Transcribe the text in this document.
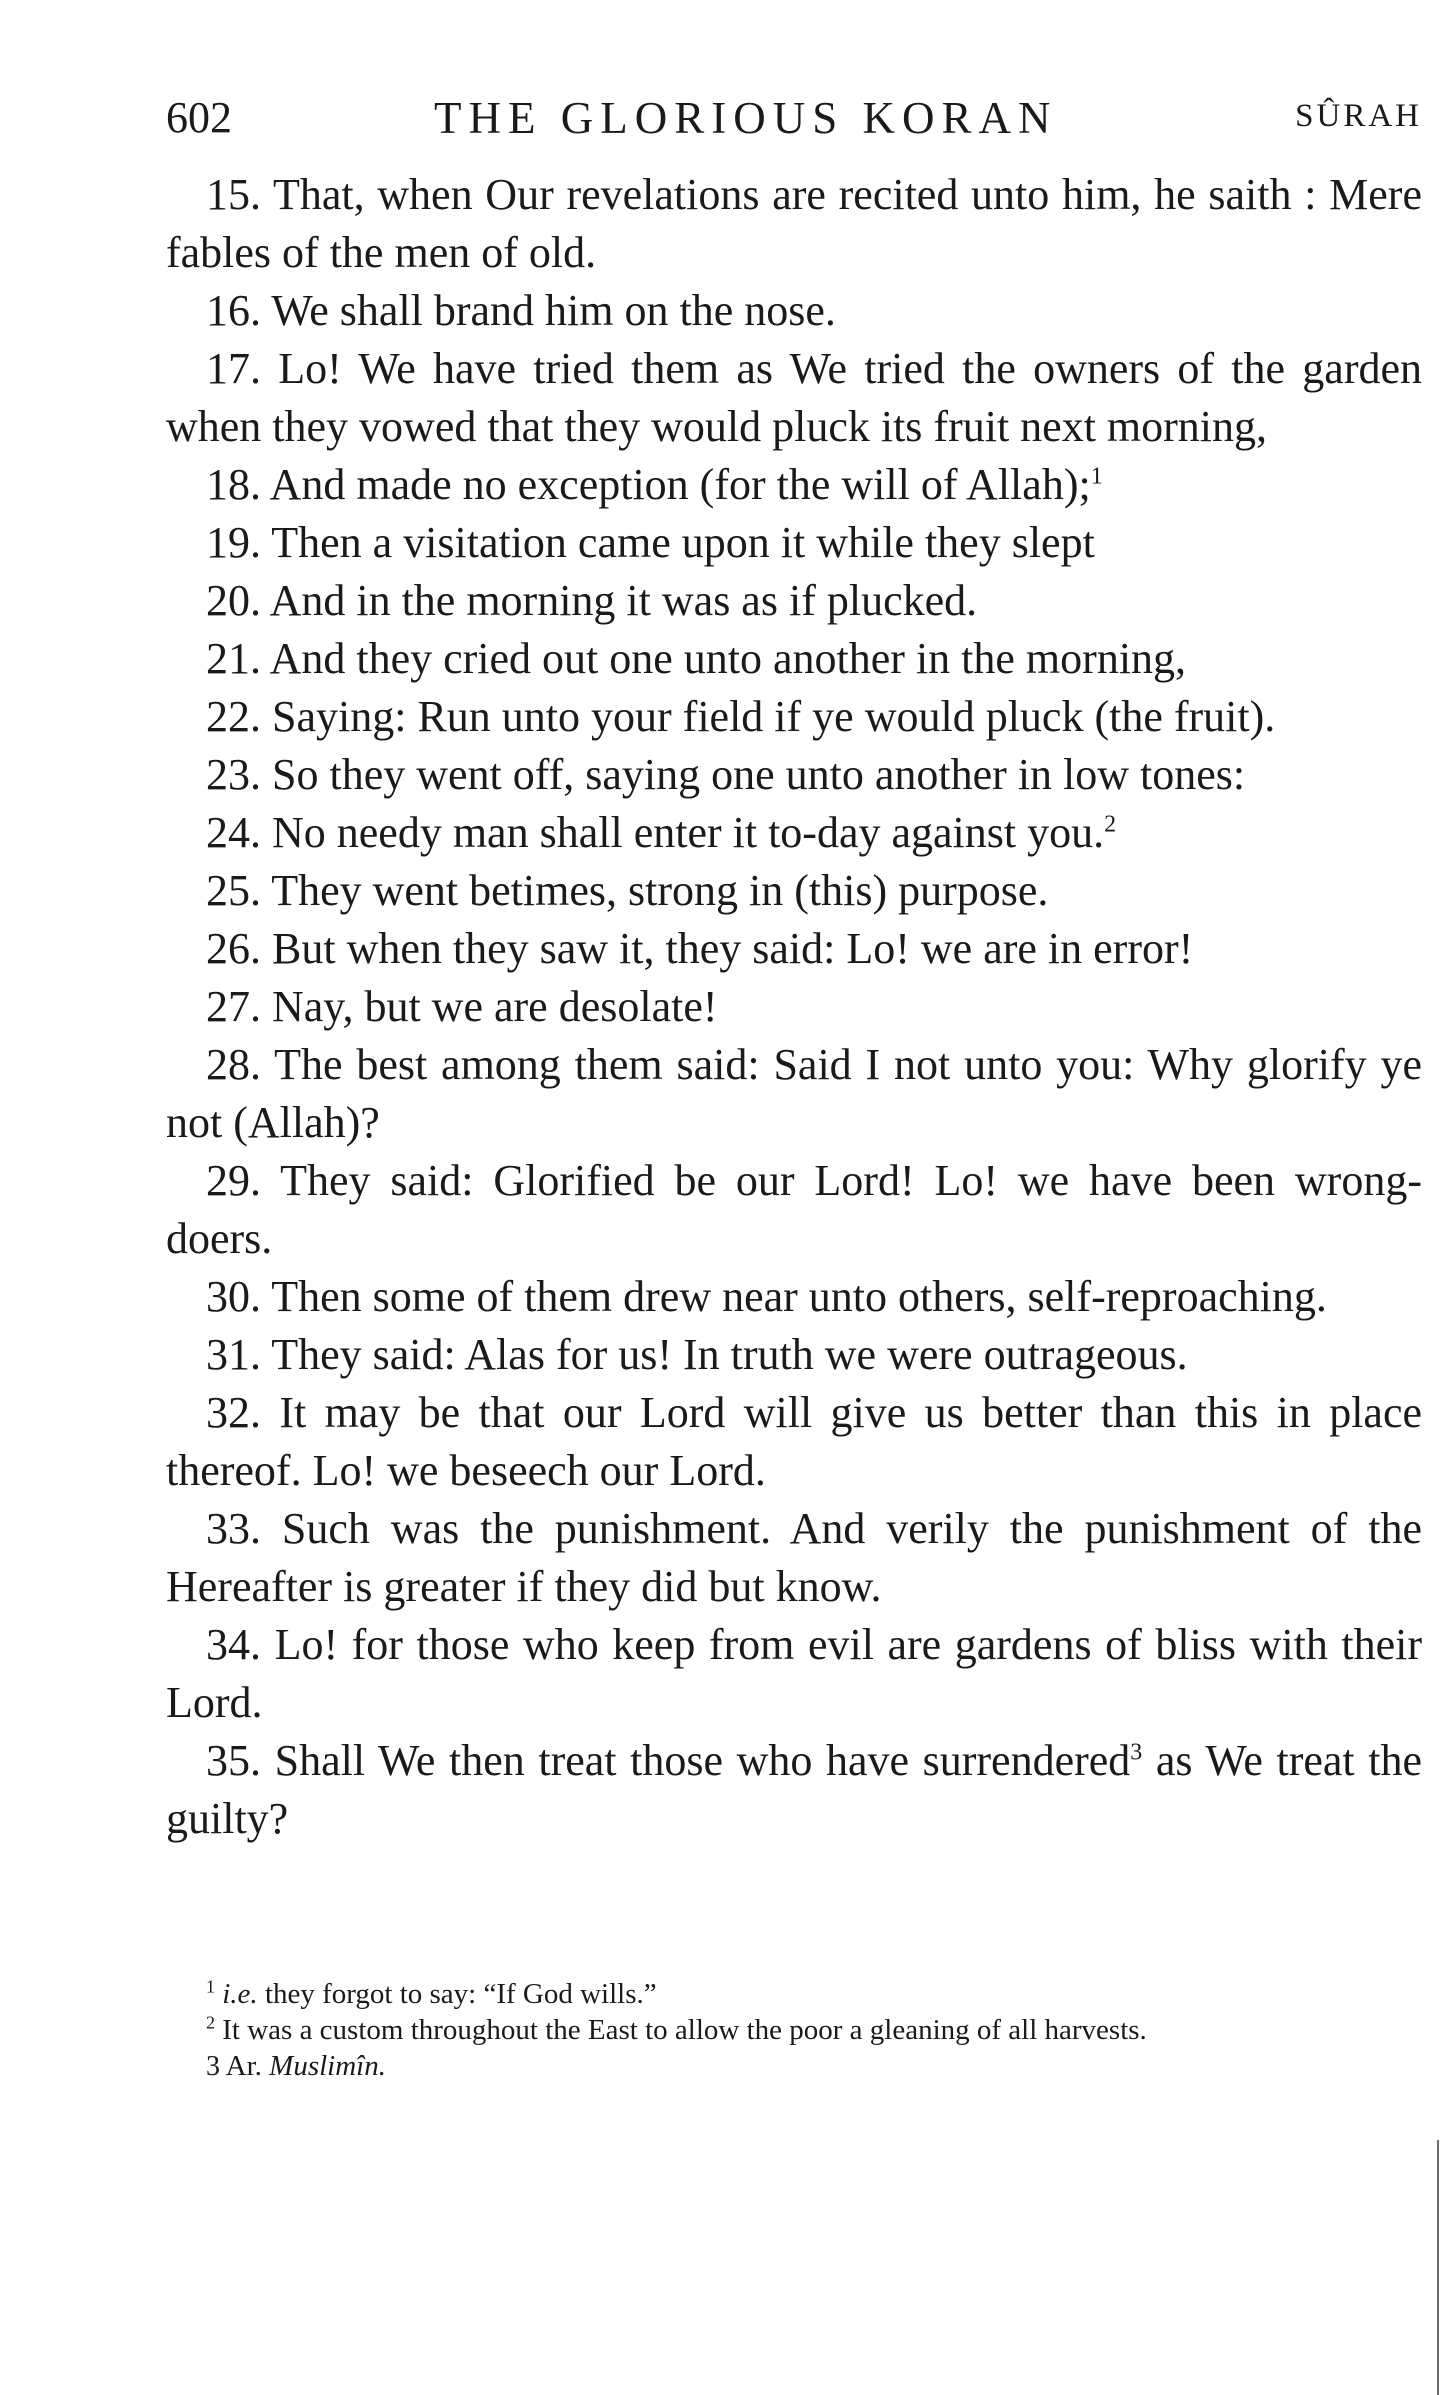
602	THE GLORIOUS KORAN	SÛRAH

15. That, when Our revelations are recited unto him, he saith : Mere fables of the men of old.

16. We shall brand him on the nose.

17. Lo! We have tried them as We tried the owners of the garden when they vowed that they would pluck its fruit next morning,

18. And made no exception (for the will of Allah);$^1$

19. Then a visitation came upon it while they slept

20. And in the morning it was as if plucked.

21. And they cried out one unto another in the morning,

22. Saying: Run unto your field if ye would pluck (the fruit).

23. So they went off, saying one unto another in low tones:

24. No needy man shall enter it to-day against you.$^2$

25. They went betimes, strong in (this) purpose.

26. But when they saw it, they said: Lo! we are in error!

27. Nay, but we are desolate!

28. The best among them said: Said I not unto you: Why glorify ye not (Allah)?

29. They said: Glorified be our Lord! Lo! we have been wrong-doers.

30. Then some of them drew near unto others, self-reproaching.

31. They said: Alas for us! In truth we were outrageous.

32. It may be that our Lord will give us better than this in place thereof. Lo! we beseech our Lord.

33. Such was the punishment. And verily the punishment of the Hereafter is greater if they did but know.

34. Lo! for those who keep from evil are gardens of bliss with their Lord.

35. Shall We then treat those who have surrendered$^3$ as We treat the guilty?

$^1$ i.e. they forgot to say: “If God wills.”

$^2$ It was a custom throughout the East to allow the poor a gleaning of all harvests.

3 Ar. Muslimîn.
